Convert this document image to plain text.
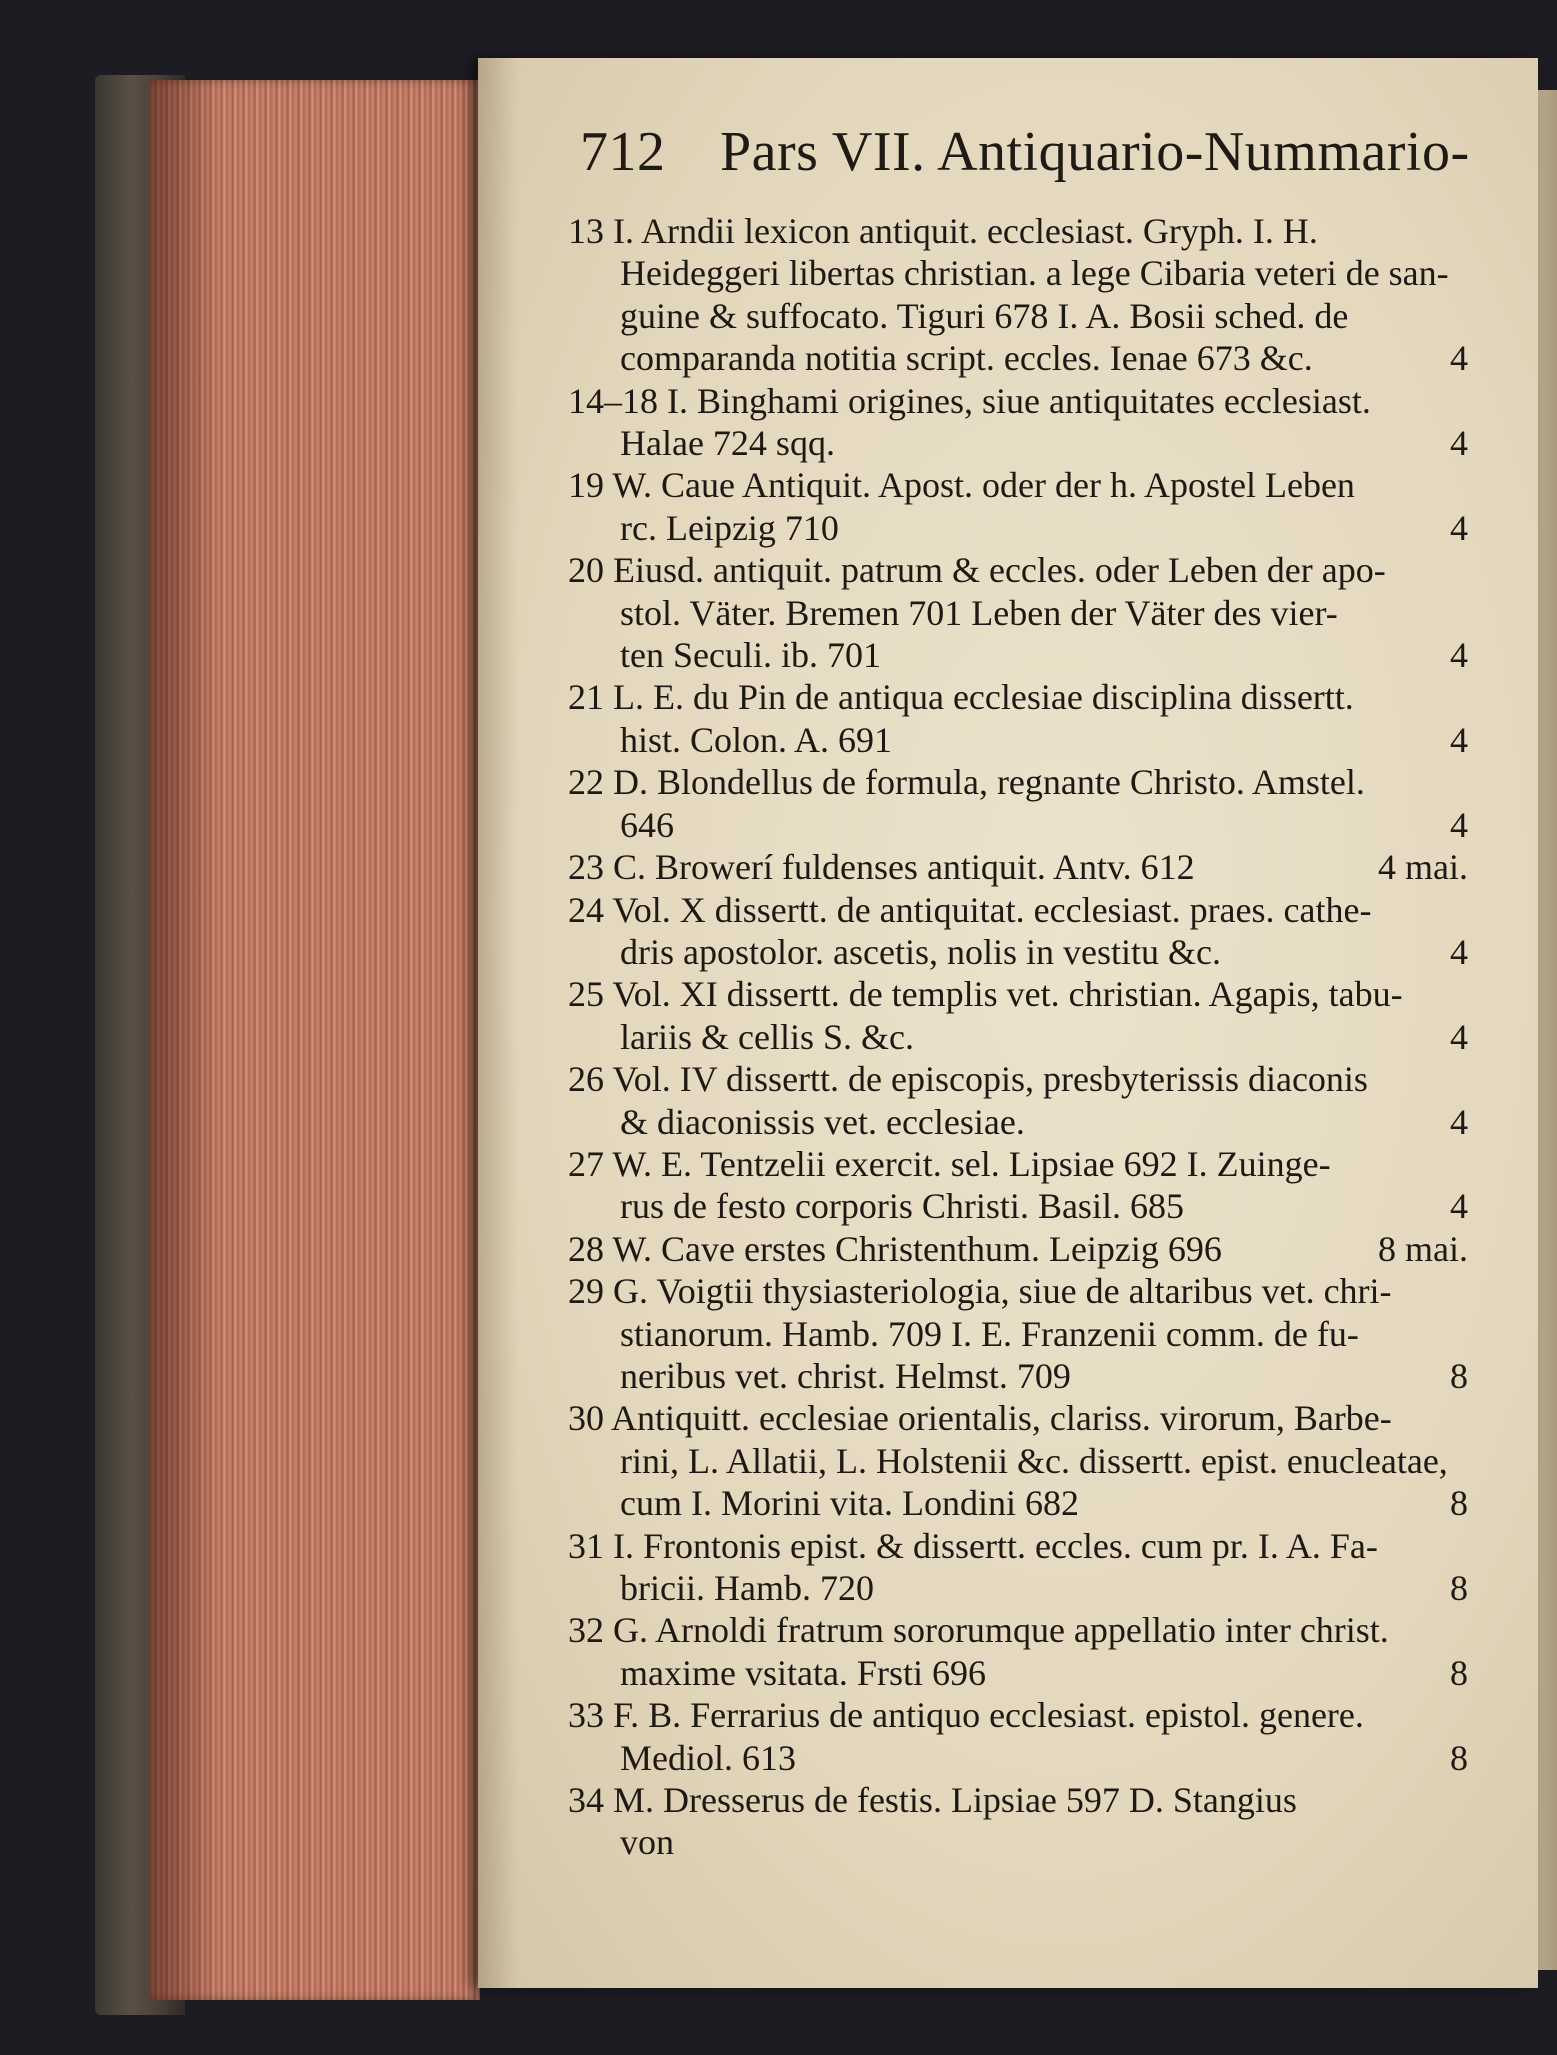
712 Pars VII. Antiquario-Nummario-
13 I. Arndii lexicon antiquit. ecclesiast. Gryph. I. H.
Heideggeri libertas christian. a lege Cibaria veteri de san-
guine & suffocato. Tiguri 678 I. A. Bosii sched. de
comparanda notitia script. eccles. Ienae 673 &c.	4
14–18 I. Binghami origines, siue antiquitates ecclesiast.
Halae 724 sqq.	4
19 W. Caue Antiquit. Apost. oder der h. Apostel Leben
rc. Leipzig 710	4
20 Eiusd. antiquit. patrum & eccles. oder Leben der apo-
stol. Väter. Bremen 701 Leben der Väter des vier-
ten Seculi. ib. 701	4
21 L. E. du Pin de antiqua ecclesiae disciplina dissertt.
hist. Colon. A. 691	4
22 D. Blondellus de formula, regnante Christo. Amstel.
646	4
23 C. Browerí fuldenses antiquit. Antv. 612	4 mai.
24 Vol. X dissertt. de antiquitat. ecclesiast. praes. cathe-
dris apostolor. ascetis, nolis in vestitu &c.	4
25 Vol. XI dissertt. de templis vet. christian. Agapis, tabu-
lariis & cellis S. &c.	4
26 Vol. IV dissertt. de episcopis, presbyterissis diaconis
& diaconissis vet. ecclesiae.	4
27 W. E. Tentzelii exercit. sel. Lipsiae 692 I. Zuinge-
rus de festo corporis Christi. Basil. 685	4
28 W. Cave erstes Christenthum. Leipzig 696	8 mai.
29 G. Voigtii thysiasteriologia, siue de altaribus vet. chri-
stianorum. Hamb. 709 I. E. Franzenii comm. de fu-
neribus vet. christ. Helmst. 709	8
30 Antiquitt. ecclesiae orientalis, clariss. virorum, Barbe-
rini, L. Allatii, L. Holstenii &c. dissertt. epist. enucleatae,
cum I. Morini vita. Londini 682	8
31 I. Frontonis epist. & dissertt. eccles. cum pr. I. A. Fa-
bricii. Hamb. 720	8
32 G. Arnoldi fratrum sororumque appellatio inter christ.
maxime vsitata. Frsti 696	8
33 F. B. Ferrarius de antiquo ecclesiast. epistol. genere.
Mediol. 613	8
34 M. Dresserus de festis. Lipsiae 597 D. Stangius
von
